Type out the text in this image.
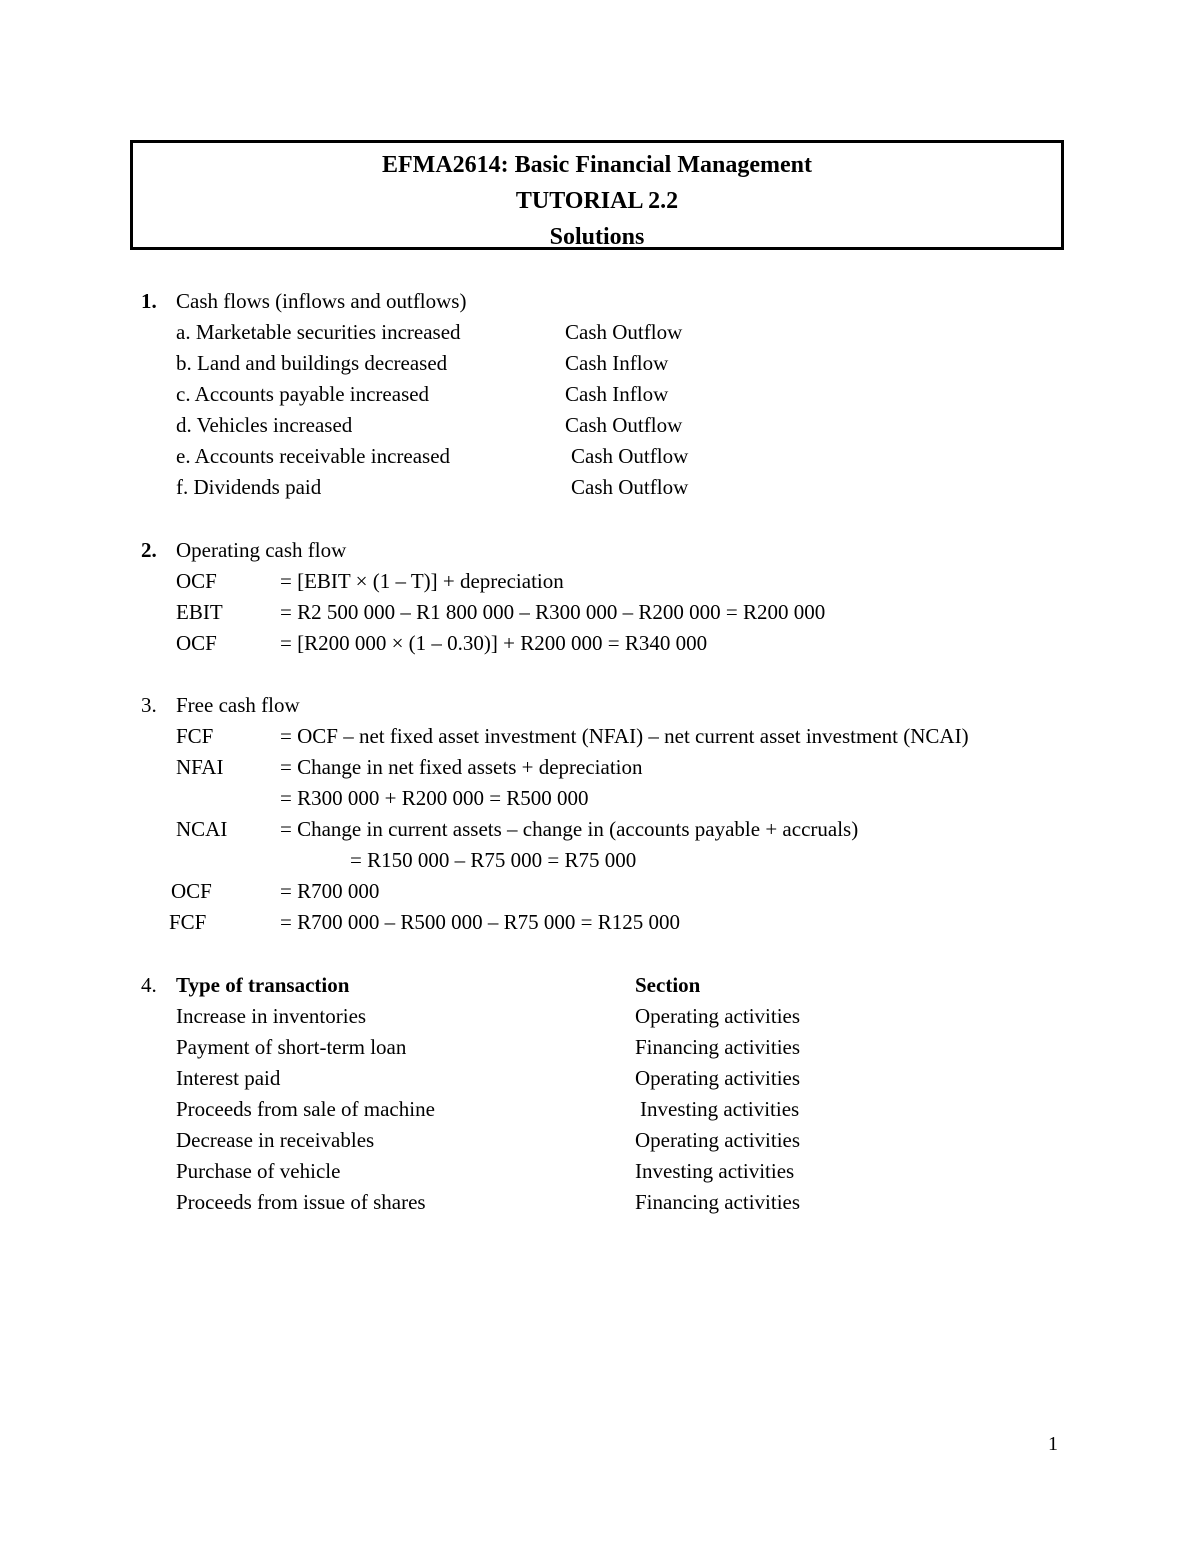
EFMA2614: Basic Financial Management
TUTORIAL 2.2
Solutions
1. Cash flows (inflows and outflows)
a. Marketable securities increased	Cash Outflow
b. Land and buildings decreased	Cash Inflow
c. Accounts payable increased	Cash Inflow
d. Vehicles increased	Cash Outflow
e. Accounts receivable increased	Cash Outflow
f. Dividends paid	Cash Outflow
2. Operating cash flow
OCF	= [EBIT × (1 – T)] + depreciation
EBIT	= R2 500 000 – R1 800 000 – R300 000 – R200 000 = R200 000
OCF	= [R200 000 × (1 – 0.30)] + R200 000 = R340 000
3. Free cash flow
FCF	= OCF – net fixed asset investment (NFAI) – net current asset investment (NCAI)
NFAI	= Change in net fixed assets + depreciation
= R300 000 + R200 000 = R500 000
NCAI	= Change in current assets – change in (accounts payable + accruals)
= R150 000 – R75 000 = R75 000
OCF	= R700 000
FCF	= R700 000 – R500 000 – R75 000 = R125 000
4. Type of transaction	Section
Increase in inventories	Operating activities
Payment of short-term loan	Financing activities
Interest paid	Operating activities
Proceeds from sale of machine	Investing activities
Decrease in receivables	Operating activities
Purchase of vehicle	Investing activities
Proceeds from issue of shares	Financing activities
1
